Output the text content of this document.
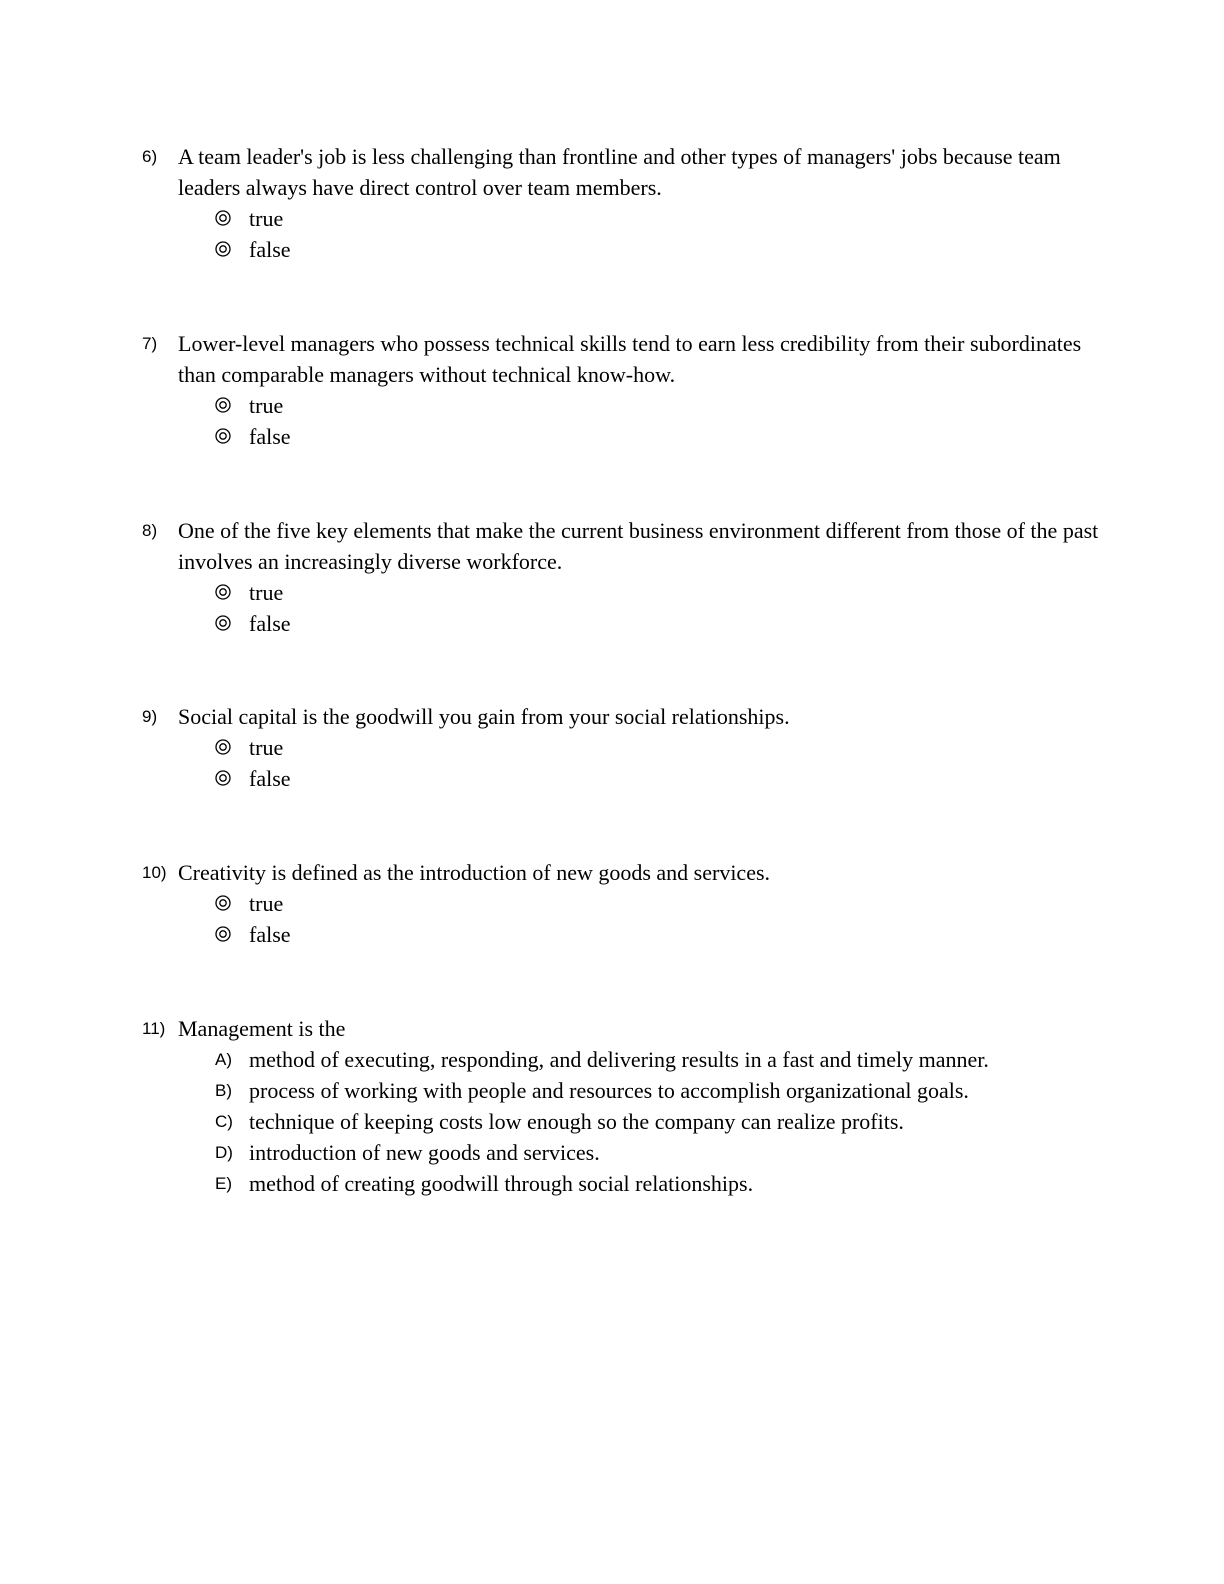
6) A team leader's job is less challenging than frontline and other types of managers' jobs because team leaders always have direct control over team members.
true
false
7) Lower-level managers who possess technical skills tend to earn less credibility from their subordinates than comparable managers without technical know-how.
true
false
8) One of the five key elements that make the current business environment different from those of the past involves an increasingly diverse workforce.
true
false
9) Social capital is the goodwill you gain from your social relationships.
true
false
10) Creativity is defined as the introduction of new goods and services.
true
false
11) Management is the
A) method of executing, responding, and delivering results in a fast and timely manner.
B) process of working with people and resources to accomplish organizational goals.
C) technique of keeping costs low enough so the company can realize profits.
D) introduction of new goods and services.
E) method of creating goodwill through social relationships.
